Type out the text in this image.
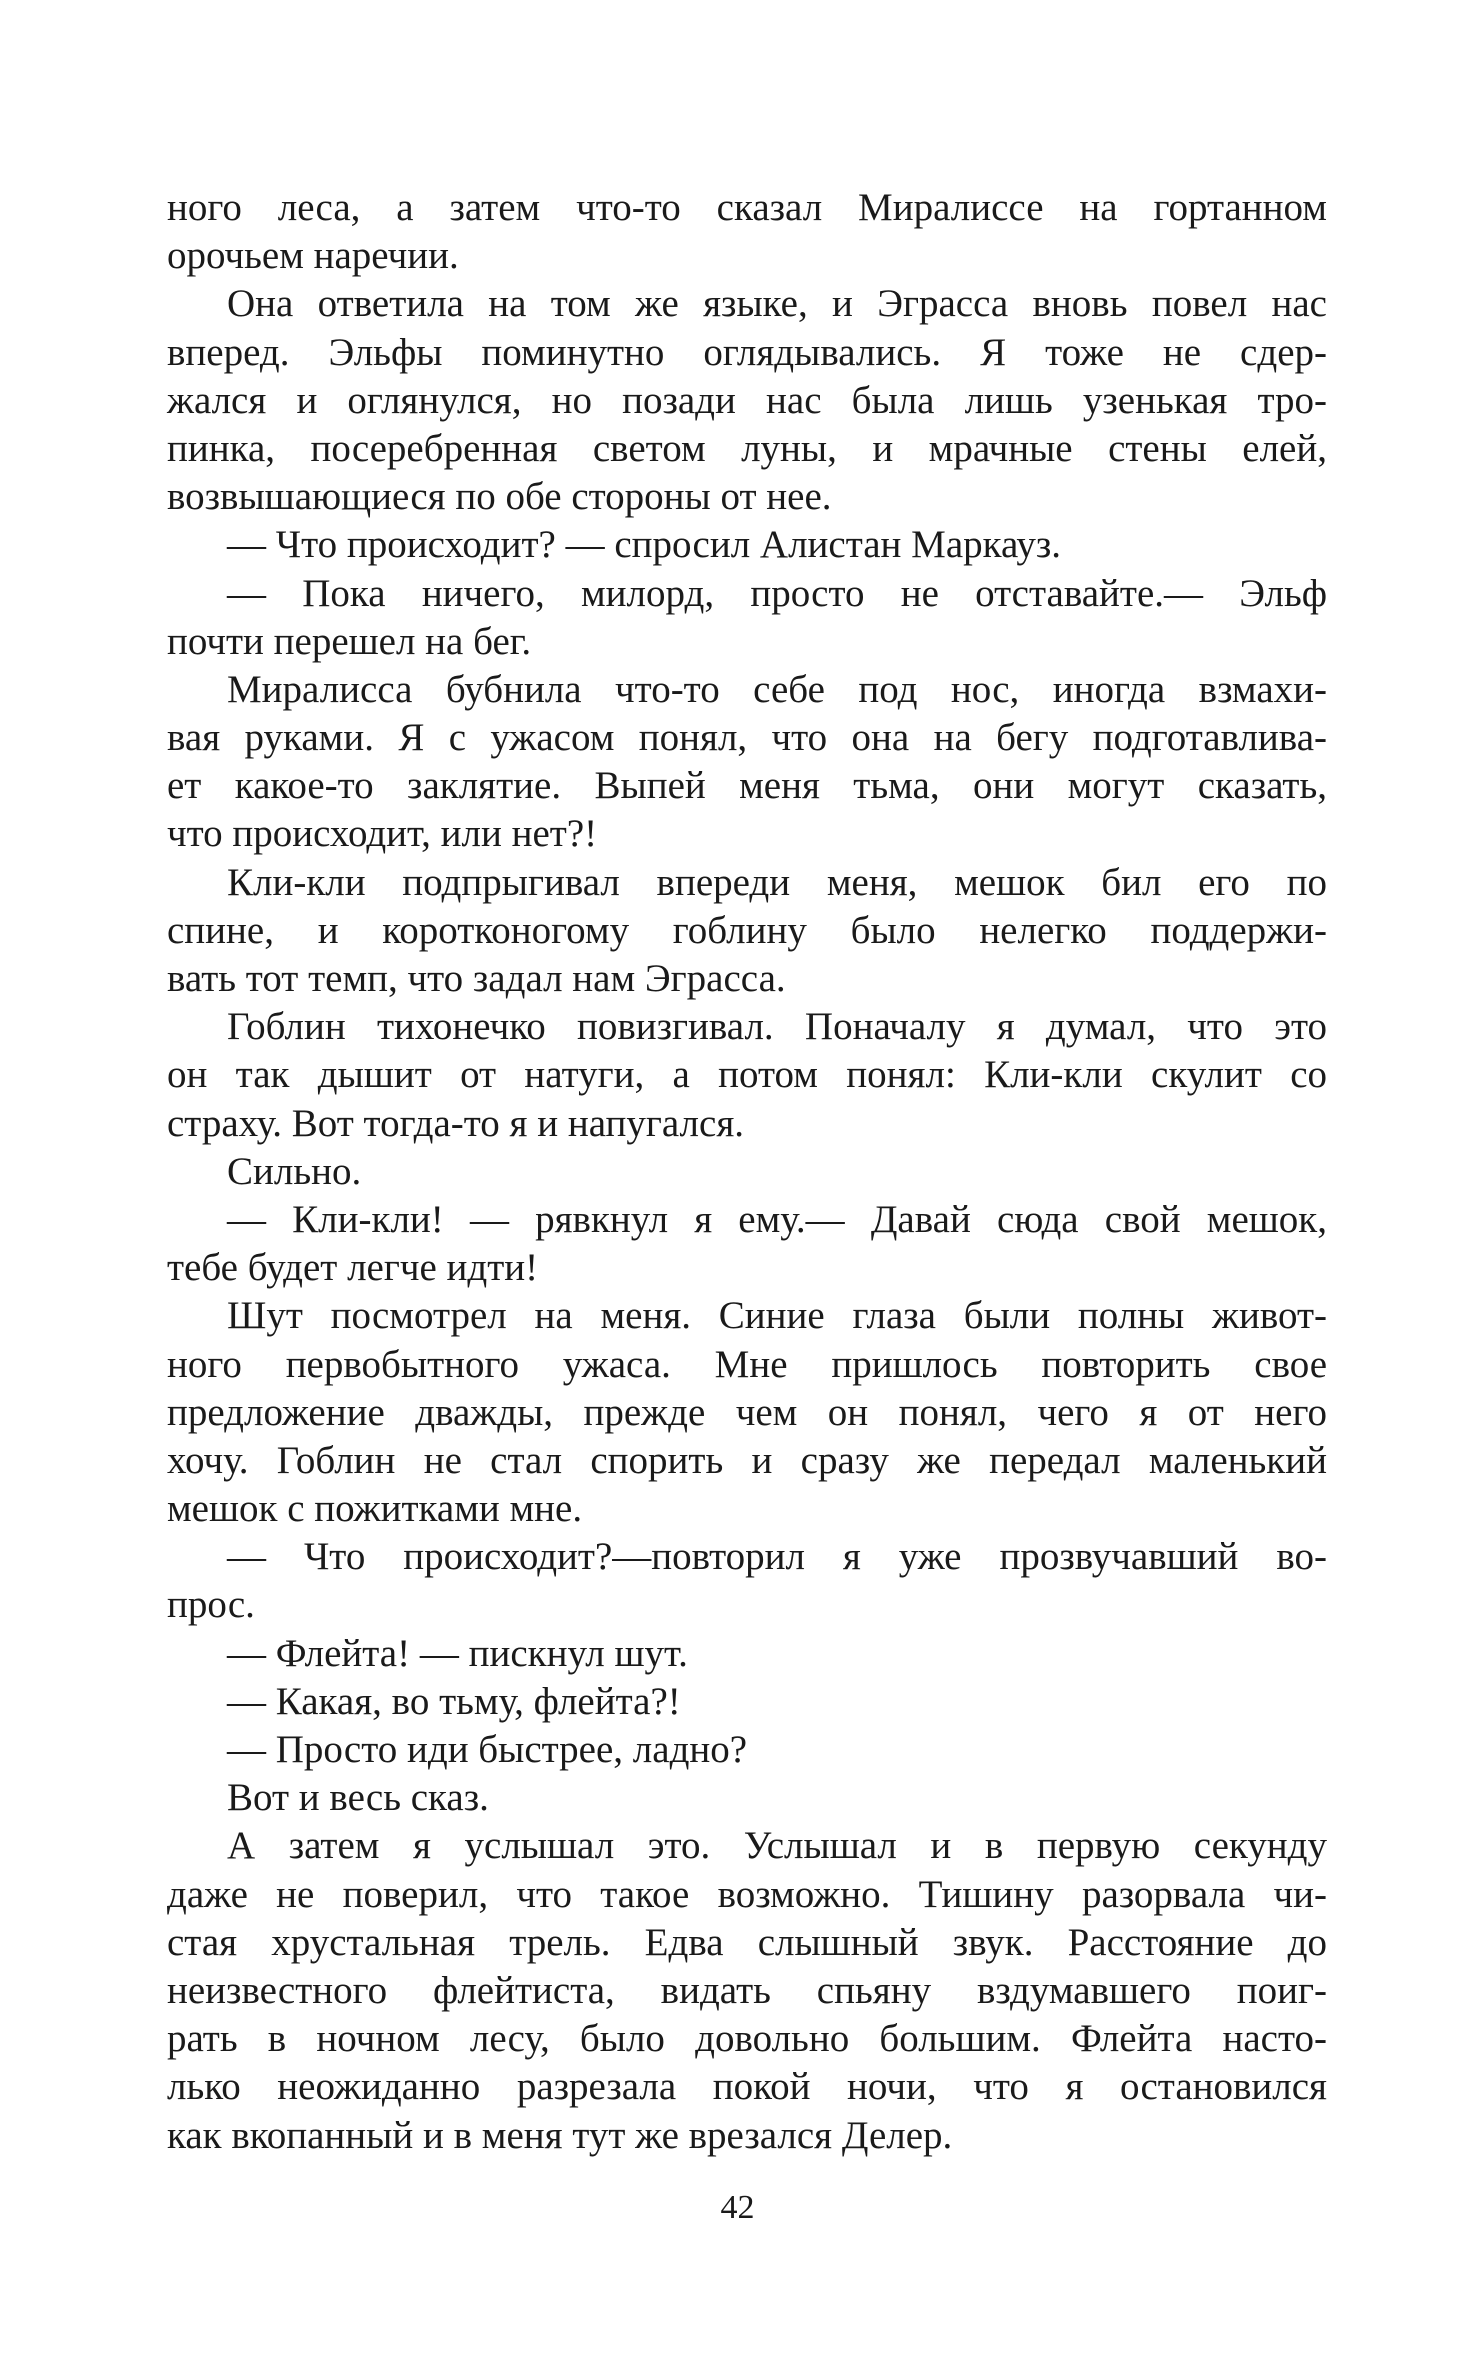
ного леса, а затем что-то сказал Миралиссе на гортанном
орочьем наречии.
Она ответила на том же языке, и Эграсса вновь повел нас
вперед. Эльфы поминутно оглядывались. Я тоже не сдер-
жался и оглянулся, но позади нас была лишь узенькая тро-
пинка, посеребренная светом луны, и мрачные стены елей,
возвышающиеся по обе стороны от нее.
— Что происходит? — спросил Алистан Маркауз.
— Пока ничего, милорд, просто не отставайте.— Эльф
почти перешел на бег.
Миралисса бубнила что-то себе под нос, иногда взмахи-
вая руками. Я с ужасом понял, что она на бегу подготавлива-
ет какое-то заклятие. Выпей меня тьма, они могут сказать,
что происходит, или нет?!
Кли-кли подпрыгивал впереди меня, мешок бил его по
спине, и коротконогому гоблину было нелегко поддержи-
вать тот темп, что задал нам Эграсса.
Гоблин тихонечко повизгивал. Поначалу я думал, что это
он так дышит от натуги, а потом понял: Кли-кли скулит со
страху. Вот тогда-то я и напугался.
Сильно.
— Кли-кли! — рявкнул я ему.— Давай сюда свой мешок,
тебе будет легче идти!
Шут посмотрел на меня. Синие глаза были полны живот-
ного первобытного ужаса. Мне пришлось повторить свое
предложение дважды, прежде чем он понял, чего я от него
хочу. Гоблин не стал спорить и сразу же передал маленький
мешок с пожитками мне.
— Что происходит?—повторил я уже прозвучавший во-
прос.
— Флейта! — пискнул шут.
— Какая, во тьму, флейта?!
— Просто иди быстрее, ладно?
Вот и весь сказ.
А затем я услышал это. Услышал и в первую секунду
даже не поверил, что такое возможно. Тишину разорвала чи-
стая хрустальная трель. Едва слышный звук. Расстояние до
неизвестного флейтиста, видать спьяну вздумавшего поиг-
рать в ночном лесу, было довольно большим. Флейта насто-
лько неожиданно разрезала покой ночи, что я остановился
как вкопанный и в меня тут же врезался Делер.
42
